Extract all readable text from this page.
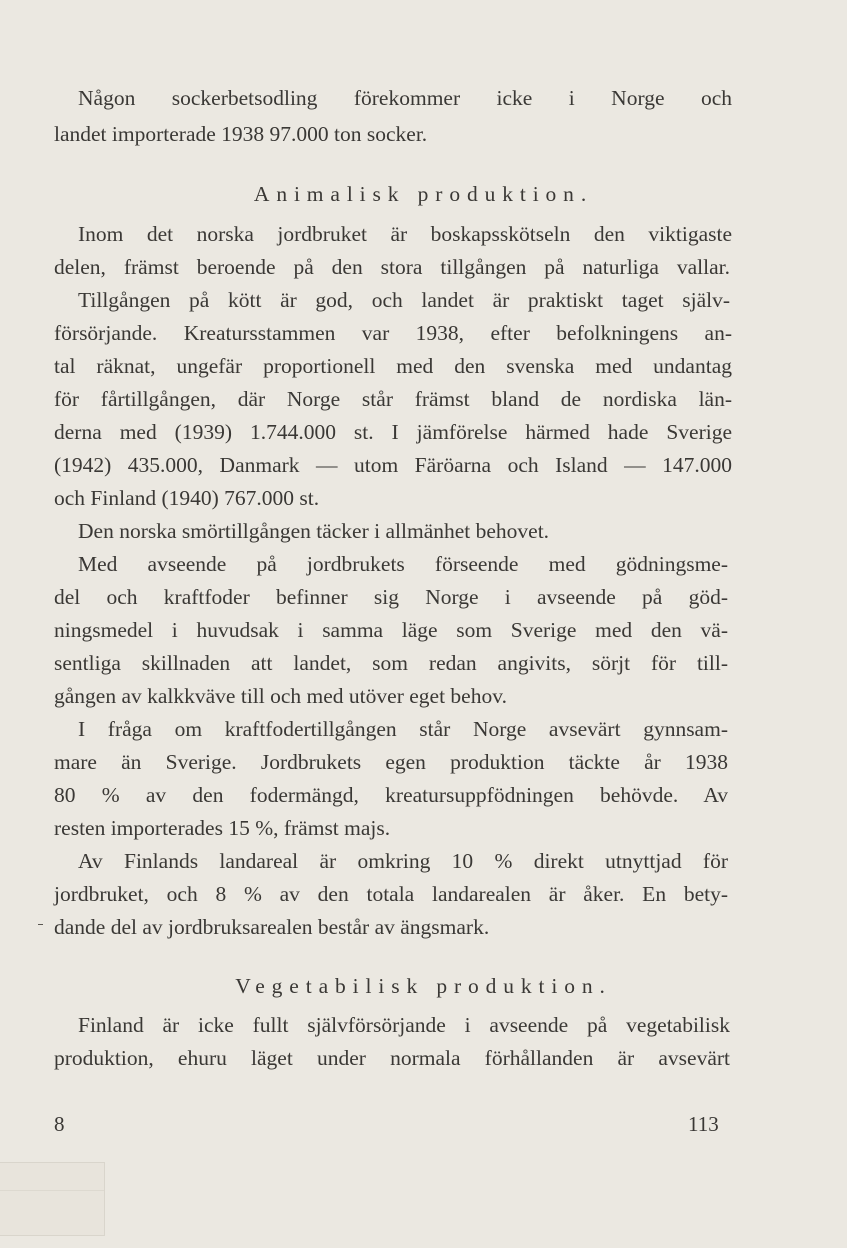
Någon sockerbetsodling förekommer icke i Norge och
landet importerade 1938 97.000 ton socker.
Animalisk produktion.
Inom det norska jordbruket är boskapsskötseln den viktigaste
delen, främst beroende på den stora tillgången på naturliga vallar.
Tillgången på kött är god, och landet är praktiskt taget själv-
försörjande. Kreatursstammen var 1938, efter befolkningens an-
tal räknat, ungefär proportionell med den svenska med undantag
för fårtillgången, där Norge står främst bland de nordiska län-
derna med (1939) 1.744.000 st. I jämförelse härmed hade Sverige
(1942) 435.000, Danmark — utom Färöarna och Island — 147.000
och Finland (1940) 767.000 st.
Den norska smörtillgången täcker i allmänhet behovet.
Med avseende på jordbrukets förseende med gödningsme-
del och kraftfoder befinner sig Norge i avseende på göd-
ningsmedel i huvudsak i samma läge som Sverige med den vä-
sentliga skillnaden att landet, som redan angivits, sörjt för till-
gången av kalkkväve till och med utöver eget behov.
I fråga om kraftfodertillgången står Norge avsevärt gynnsam-
mare än Sverige. Jordbrukets egen produktion täckte år 1938
80 % av den fodermängd, kreatursuppfödningen behövde. Av
resten importerades 15 %, främst majs.
Av Finlands landareal är omkring 10 % direkt utnyttjad för
jordbruket, och 8 % av den totala landarealen är åker. En bety-
dande del av jordbruksarealen består av ängsmark.
Vegetabilisk produktion.
Finland är icke fullt självförsörjande i avseende på vegetabilisk
produktion, ehuru läget under normala förhållanden är avsevärt
8	113
